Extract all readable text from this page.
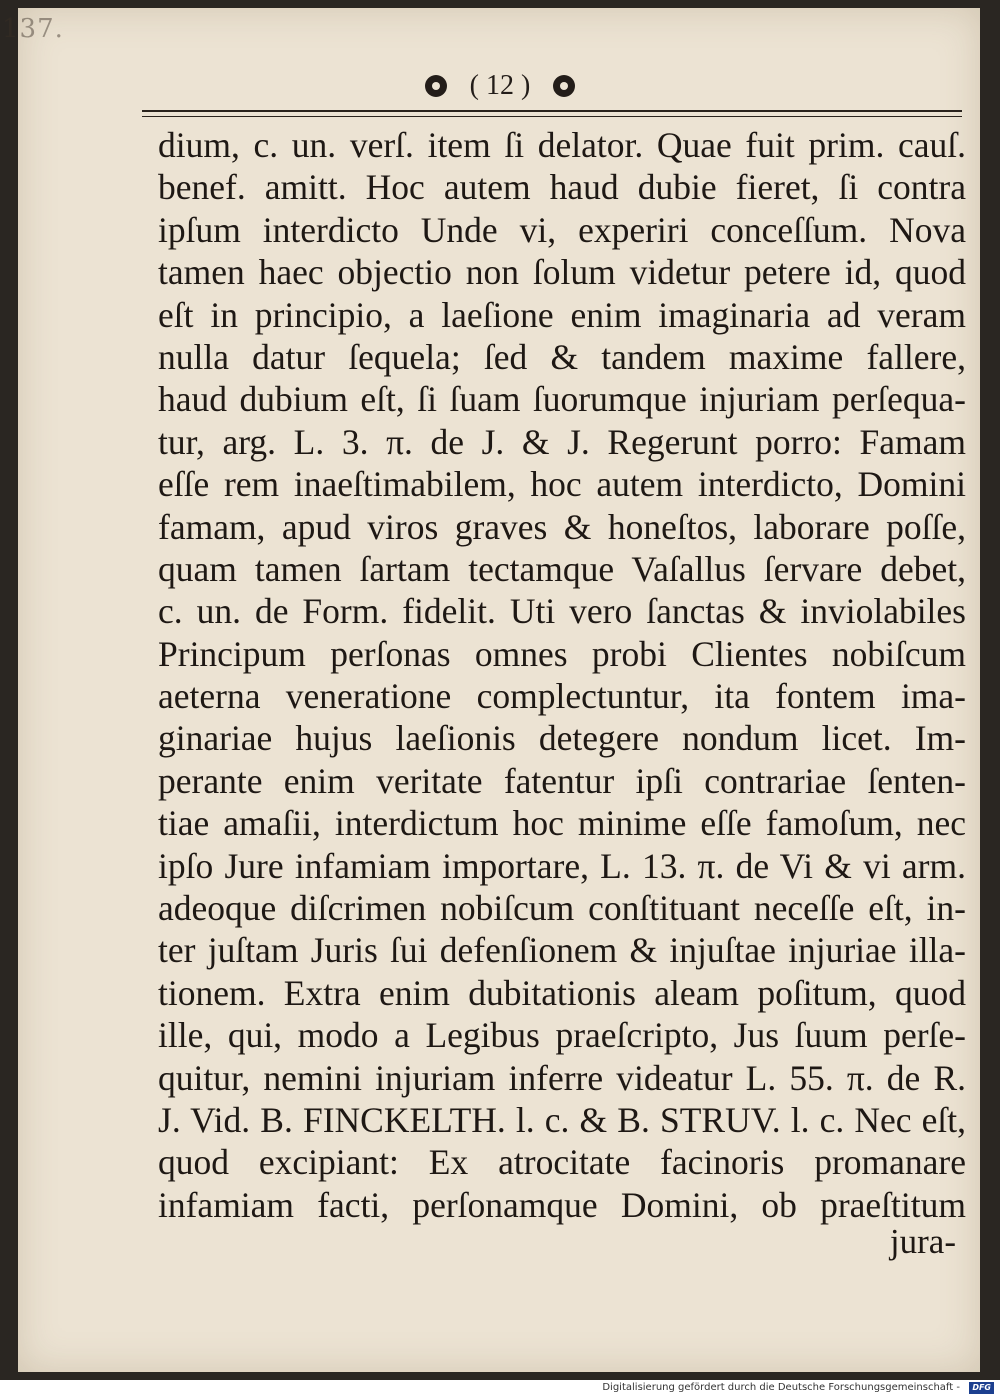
137.
( 12 )
dium, c. un. verſ. item ſi delator. Quae fuit prim. cauſ.
benef. amitt. Hoc autem haud dubie fieret, ſi contra
ipſum interdicto Unde vi, experiri conceſſum. Nova
tamen haec objectio non ſolum videtur petere id, quod
eſt in principio, a laeſione enim imaginaria ad veram
nulla datur ſequela; ſed & tandem maxime fallere,
haud dubium eſt, ſi ſuam ſuorumque injuriam perſequa-
tur, arg. L. 3. π. de J. & J. Regerunt porro: Famam
eſſe rem inaeſtimabilem, hoc autem interdicto, Domini
famam, apud viros graves & honeſtos, laborare poſſe,
quam tamen ſartam tectamque Vaſallus ſervare debet,
c. un. de Form. fidelit. Uti vero ſanctas & inviolabiles
Principum perſonas omnes probi Clientes nobiſcum
aeterna veneratione complectuntur, ita fontem ima-
ginariae hujus laeſionis detegere nondum licet. Im-
perante enim veritate fatentur ipſi contrariae ſenten-
tiae amaſii, interdictum hoc minime eſſe famoſum, nec
ipſo Jure infamiam importare, L. 13. π. de Vi & vi arm.
adeoque diſcrimen nobiſcum conſtituant neceſſe eſt, in-
ter juſtam Juris ſui defenſionem & injuſtae injuriae illa-
tionem. Extra enim dubitationis aleam poſitum, quod
ille, qui, modo a Legibus praeſcripto, Jus ſuum perſe-
quitur, nemini injuriam inferre videatur L. 55. π. de R.
J. Vid. B. FINCKELTH. l. c. & B. STRUV. l. c. Nec eſt,
quod excipiant: Ex atrocitate facinoris promanare
infamiam facti, perſonamque Domini, ob praeſtitum
jura-
Digitalisierung gefördert durch die Deutsche Forschungsgemeinschaft -	DFG
